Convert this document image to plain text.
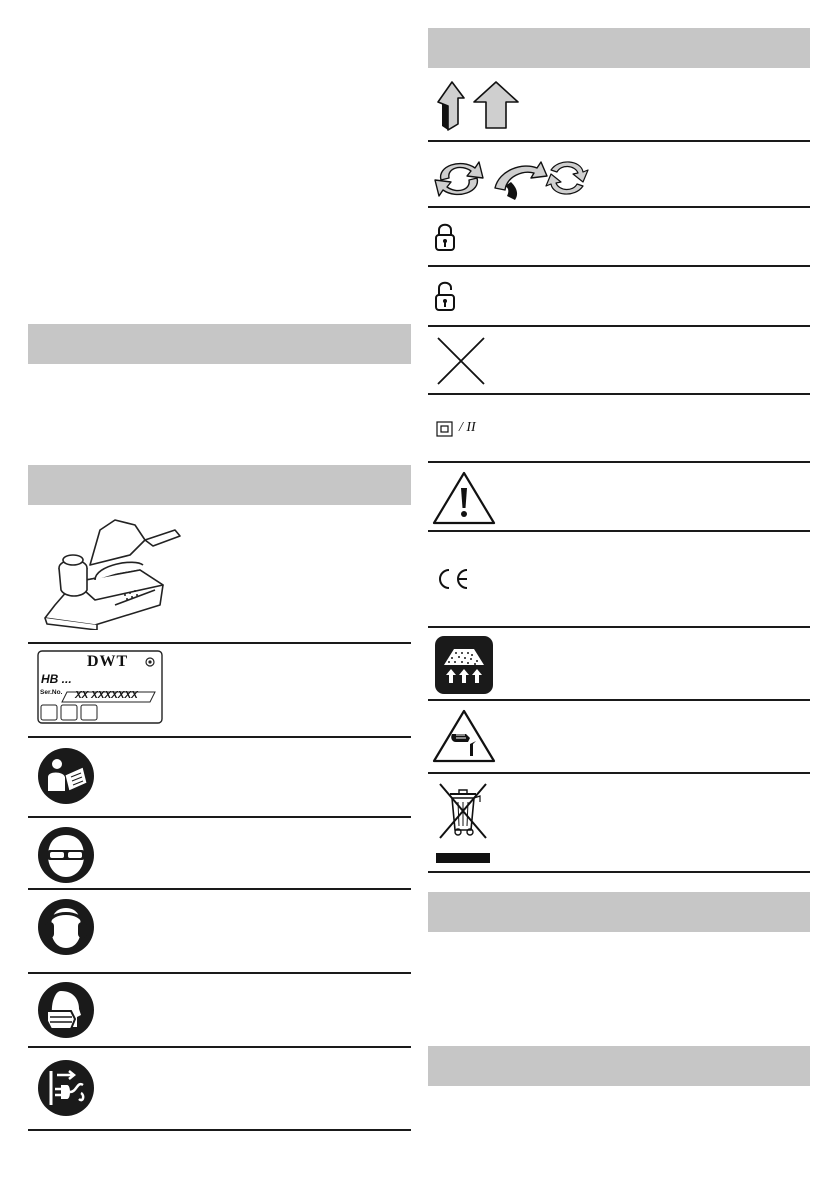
DWT
HB ...
Ser.No. XX XXXXXXX
/ II
